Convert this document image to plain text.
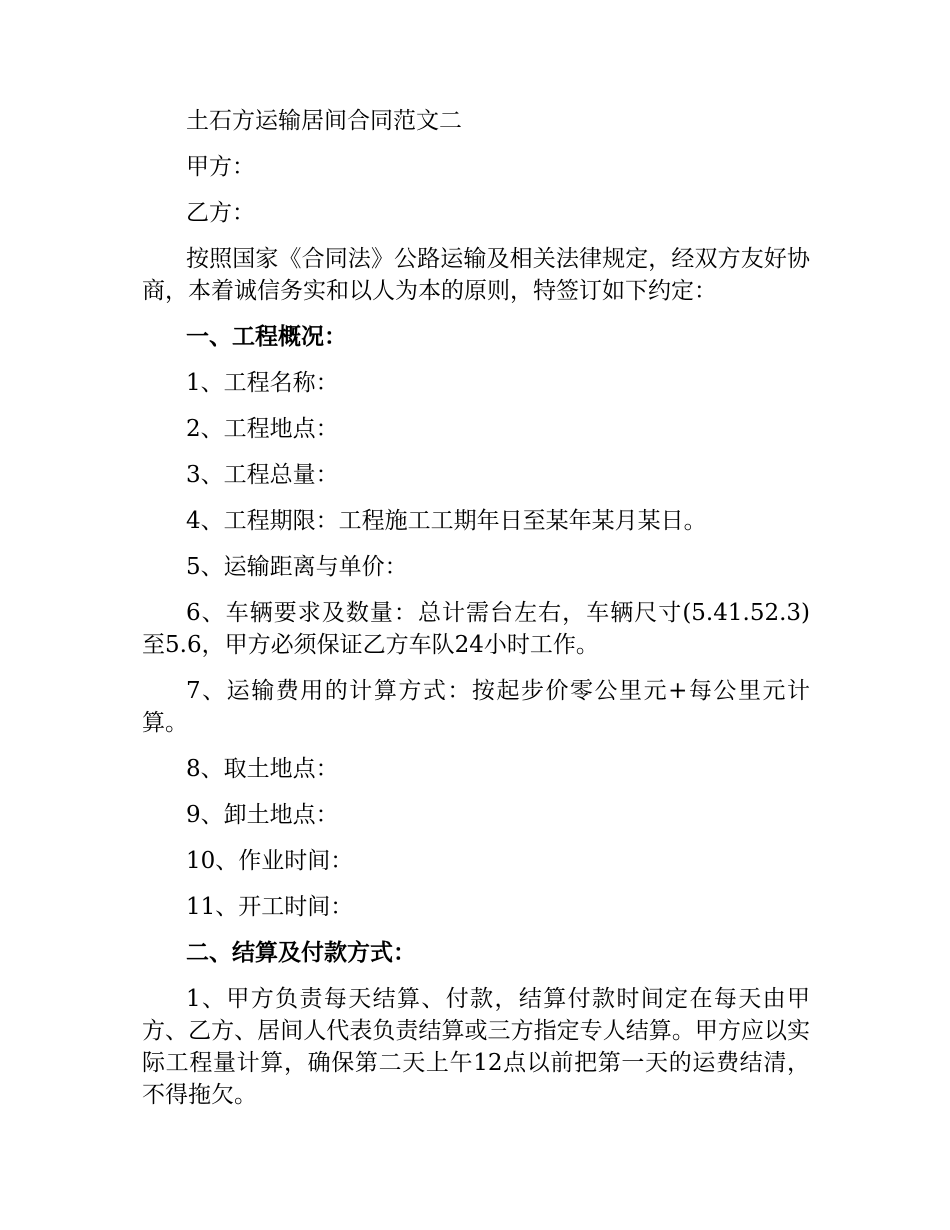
土石方运输居间合同范文二

甲方：

乙方：

按照国家《合同法》公路运输及相关法律规定，经双方友好协商，本着诚信务实和以人为本的原则，特签订如下约定：

一、工程概况：

1、工程名称：

2、工程地点：

3、工程总量：

4、工程期限：工程施工工期年日至某年某月某日。

5、运输距离与单价：

6、车辆要求及数量：总计需台左右，车辆尺寸(5.41.52.3)至5.6，甲方必须保证乙方车队24小时工作。

7、运输费用的计算方式：按起步价零公里元+每公里元计算。

8、取土地点：

9、卸土地点：

10、作业时间：

11、开工时间：

二、结算及付款方式：

1、甲方负责每天结算、付款，结算付款时间定在每天由甲方、乙方、居间人代表负责结算或三方指定专人结算。甲方应以实际工程量计算，确保第二天上午12点以前把第一天的运费结清，不得拖欠。
